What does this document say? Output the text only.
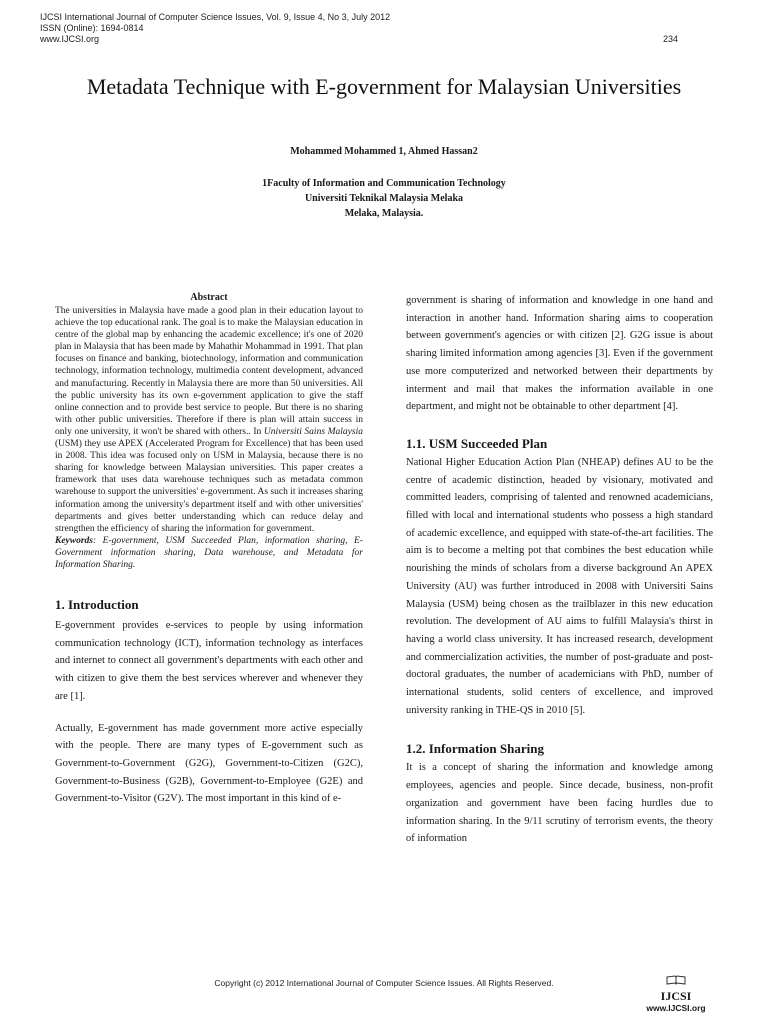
IJCSI International Journal of Computer Science Issues, Vol. 9, Issue 4, No 3, July 2012
ISSN (Online): 1694-0814
www.IJCSI.org	234
Metadata Technique with E-government for Malaysian Universities
Mohammed Mohammed 1, Ahmed Hassan2
1Faculty of Information and Communication Technology
Universiti Teknikal Malaysia Melaka
Melaka, Malaysia.
Abstract

The universities in Malaysia have made a good plan in their education layout to achieve the top educational rank. The goal is to make the Malaysian education in centre of the global map by enhancing the academic excellence; it's one of 2020 plan in Malaysia that has been made by Mahathir Mohammad in 1991. That plan focuses on finance and banking, biotechnology, information and communication technology, information technology, multimedia content development, advanced and manufacturing. Recently in Malaysia there are more than 50 universities. All the public university has its own e-government application to give the staff online connection and to provide best service to people. But there is no sharing with other public universities. Therefore if there is plan will attain success in only one university, it won't be shared with others.. In Universiti Sains Malaysia (USM) they use APEX (Accelerated Program for Excellence) that has been used in 2008. This idea was focused only on USM in Malaysia, because there is no sharing for knowledge between Malaysian universities. This paper creates a framework that uses data warehouse techniques such as metadata common warehouse to support the universities' e-government. As such it increases sharing information among the university's department itself and with other universities' departments and gives better understanding which can reduce delay and strengthen the efficiency of sharing the information for government.

Keywords: E-government, USM Succeeded Plan, information sharing, E-Government information sharing, Data warehouse, and Metadata for Information Sharing.

1. Introduction

E-government provides e-services to people by using information communication technology (ICT), information technology as interfaces and internet to connect all government's departments with each other and with citizen to give them the best services wherever and whenever they are [1].

Actually, E-government has made government more active especially with the people. There are many types of E-government such as Government-to-Government (G2G), Government-to-Citizen (G2C), Government-to-Business (G2B), Government-to-Employee (G2E) and Government-to-Visitor (G2V). The most important in this kind of e-

government is sharing of information and knowledge in one hand and interaction in another hand. Information sharing aims to cooperation between government's agencies or with citizen [2]. G2G issue is about sharing limited information among agencies [3]. Even if the government use more computerized and networked between their departments by interment and mail that makes the information available in one department, and might not be obtainable to other department [4].

1.1. USM Succeeded Plan

National Higher Education Action Plan (NHEAP) defines AU to be the centre of academic distinction, headed by visionary, motivated and committed leaders, comprising of talented and renowned academicians, filled with local and international students who possess a high standard of academic excellence, and equipped with state-of-the-art facilities. The aim is to become a melting pot that combines the best education while nourishing the minds of scholars from a diverse background An APEX University (AU) was further introduced in 2008 with Universiti Sains Malaysia (USM) being chosen as the trailblazer in this new education revolution. The development of AU aims to fulfill Malaysia's thirst in having a world class university. It has increased research, development and commercialization activities, the number of post-graduate and post-doctoral graduates, the number of academicians with PhD, number of international students, solid centers of excellence, and improved university ranking in THE-QS in 2010 [5].

1.2. Information Sharing

It is a concept of sharing the information and knowledge among employees, agencies and people. Since decade, business, non-profit organization and government have been facing hurdles due to information sharing. In the 9/11 scrutiny of terrorism events, the theory of information

Copyright (c) 2012 International Journal of Computer Science Issues. All Rights Reserved.
IJCSI
www.IJCSI.org
